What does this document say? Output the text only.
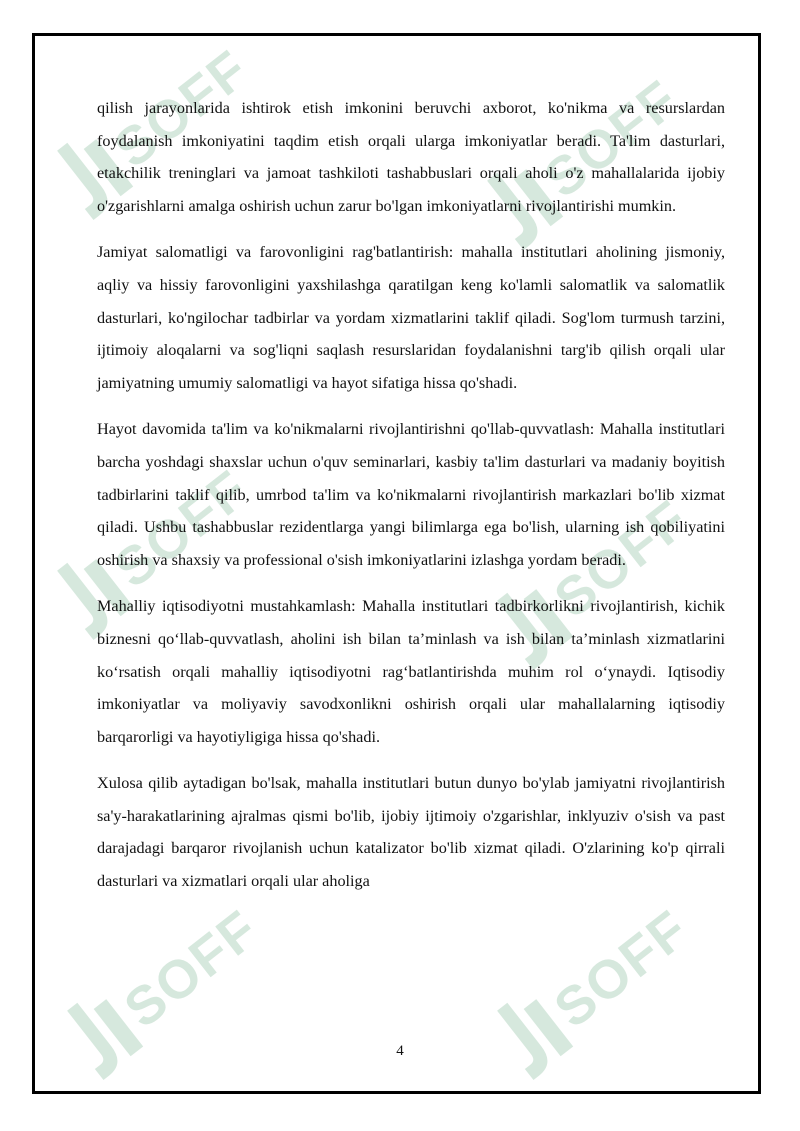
SOFF	SOFF
SOFF	SOFF
SOFF	SOFF

qilish jarayonlarida ishtirok etish imkonini beruvchi axborot, ko'nikma va resurslardan foydalanish imkoniyatini taqdim etish orqali ularga imkoniyatlar beradi. Ta'lim dasturlari, etakchilik treninglari va jamoat tashkiloti tashabbuslari orqali aholi o'z mahallalarida ijobiy o'zgarishlarni amalga oshirish uchun zarur bo'lgan imkoniyatlarni rivojlantirishi mumkin.

Jamiyat salomatligi va farovonligini rag'batlantirish: mahalla institutlari aholining jismoniy, aqliy va hissiy farovonligini yaxshilashga qaratilgan keng ko'lamli salomatlik va salomatlik dasturlari, ko'ngilochar tadbirlar va yordam xizmatlarini taklif qiladi. Sog'lom turmush tarzini, ijtimoiy aloqalarni va sog'liqni saqlash resurslaridan foydalanishni targ'ib qilish orqali ular jamiyatning umumiy salomatligi va hayot sifatiga hissa qo'shadi.

Hayot davomida ta'lim va ko'nikmalarni rivojlantirishni qo'llab-quvvatlash: Mahalla institutlari barcha yoshdagi shaxslar uchun o'quv seminarlari, kasbiy ta'lim dasturlari va madaniy boyitish tadbirlarini taklif qilib, umrbod ta'lim va ko'nikmalarni rivojlantirish markazlari bo'lib xizmat qiladi. Ushbu tashabbuslar rezidentlarga yangi bilimlarga ega bo'lish, ularning ish qobiliyatini oshirish va shaxsiy va professional o'sish imkoniyatlarini izlashga yordam beradi.

Mahalliy iqtisodiyotni mustahkamlash: Mahalla institutlari tadbirkorlikni rivojlantirish, kichik biznesni qo‘llab-quvvatlash, aholini ish bilan ta’minlash va ish bilan ta’minlash xizmatlarini ko‘rsatish orqali mahalliy iqtisodiyotni rag‘batlantirishda muhim rol o‘ynaydi. Iqtisodiy imkoniyatlar va moliyaviy savodxonlikni oshirish orqali ular mahallalarning iqtisodiy barqarorligi va hayotiyligiga hissa qo'shadi.

Xulosa qilib aytadigan bo'lsak, mahalla institutlari butun dunyo bo'ylab jamiyatni rivojlantirish sa'y-harakatlarining ajralmas qismi bo'lib, ijobiy ijtimoiy o'zgarishlar, inklyuziv o'sish va past darajadagi barqaror rivojlanish uchun katalizator bo'lib xizmat qiladi. O'zlarining ko'p qirrali dasturlari va xizmatlari orqali ular aholiga

4
